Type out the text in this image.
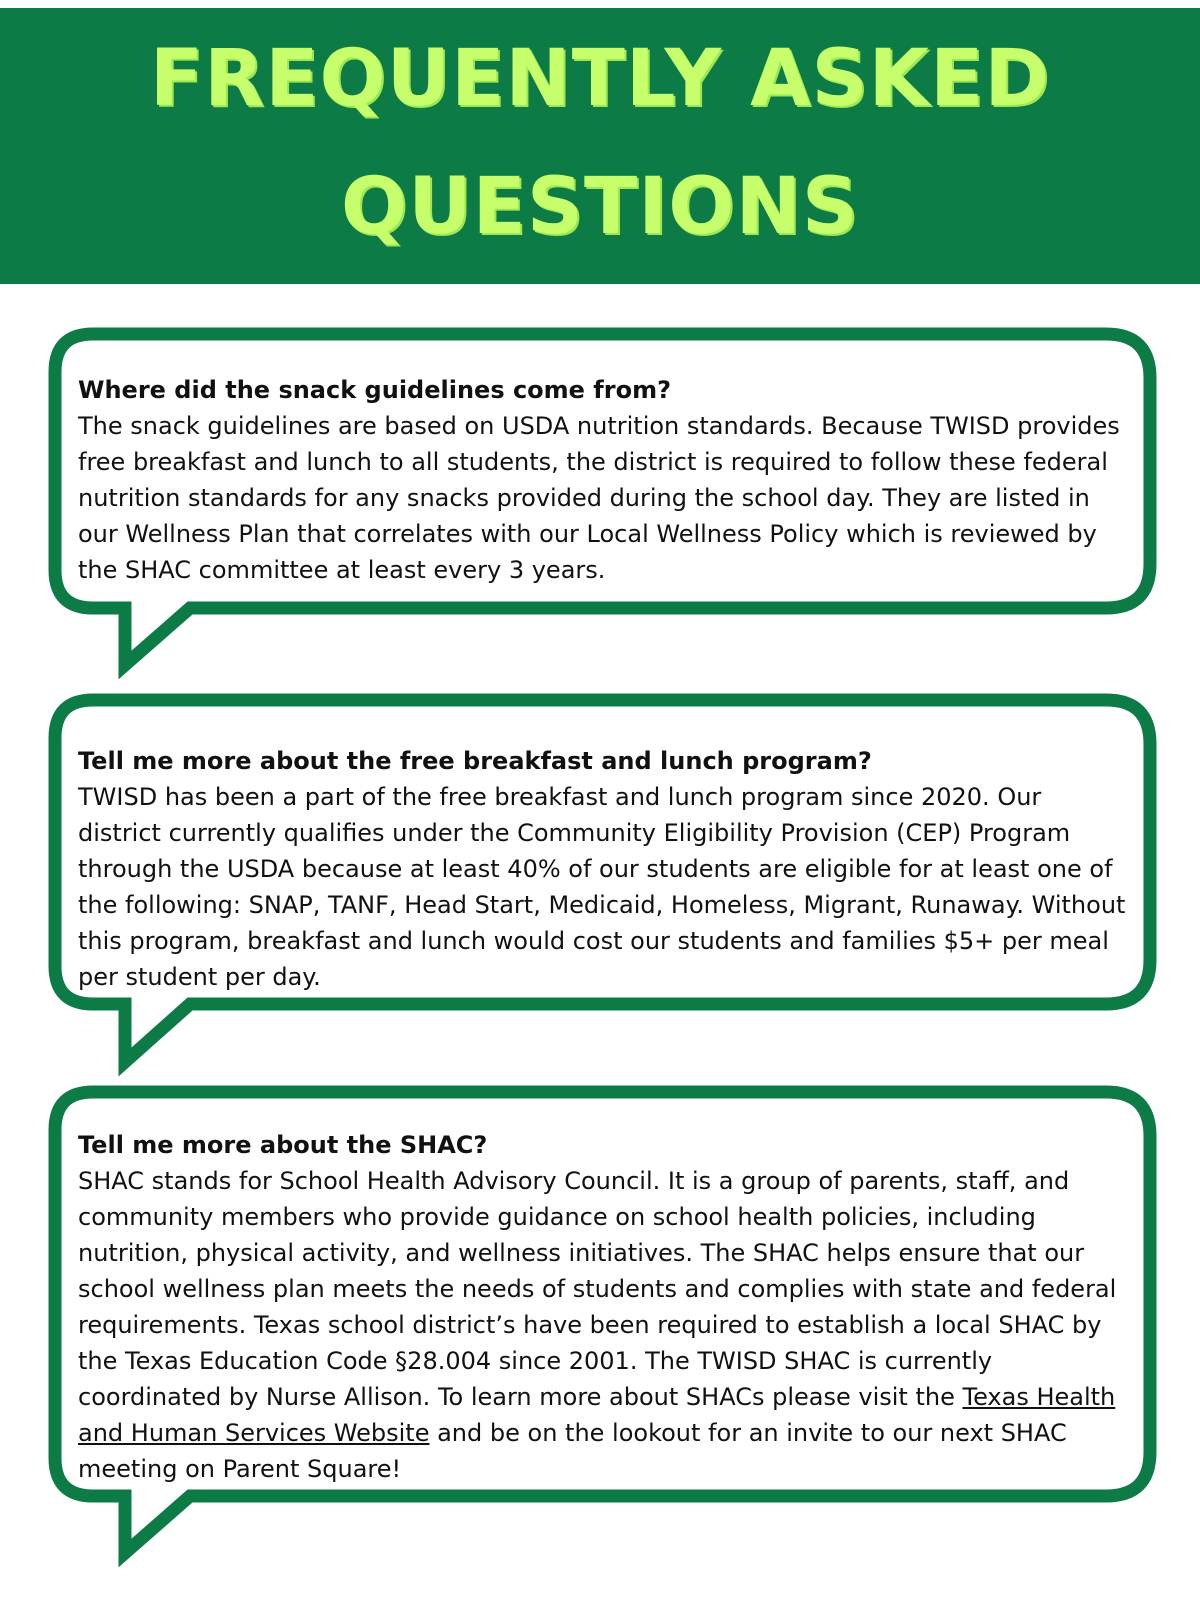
FREQUENTLY ASKED
QUESTIONS
Where did the snack guidelines come from?
The snack guidelines are based on USDA nutrition standards. Because TWISD provides free breakfast and lunch to all students, the district is required to follow these federal nutrition standards for any snacks provided during the school day. They are listed in our Wellness Plan that correlates with our Local Wellness Policy which is reviewed by the SHAC committee at least every 3 years.
Tell me more about the free breakfast and lunch program?
TWISD has been a part of the free breakfast and lunch program since 2020. Our district currently qualifies under the Community Eligibility Provision (CEP) Program through the USDA because at least 40% of our students are eligible for at least one of the following: SNAP, TANF, Head Start, Medicaid, Homeless, Migrant, Runaway. Without this program, breakfast and lunch would cost our students and families $5+ per meal per student per day.
Tell me more about the SHAC?
SHAC stands for School Health Advisory Council. It is a group of parents, staff, and community members who provide guidance on school health policies, including nutrition, physical activity, and wellness initiatives. The SHAC helps ensure that our school wellness plan meets the needs of students and complies with state and federal requirements. Texas school district’s have been required to establish a local SHAC by the Texas Education Code §28.004 since 2001. The TWISD SHAC is currently coordinated by Nurse Allison. To learn more about SHACs please visit the Texas Health and Human Services Website and be on the lookout for an invite to our next SHAC meeting on Parent Square!
